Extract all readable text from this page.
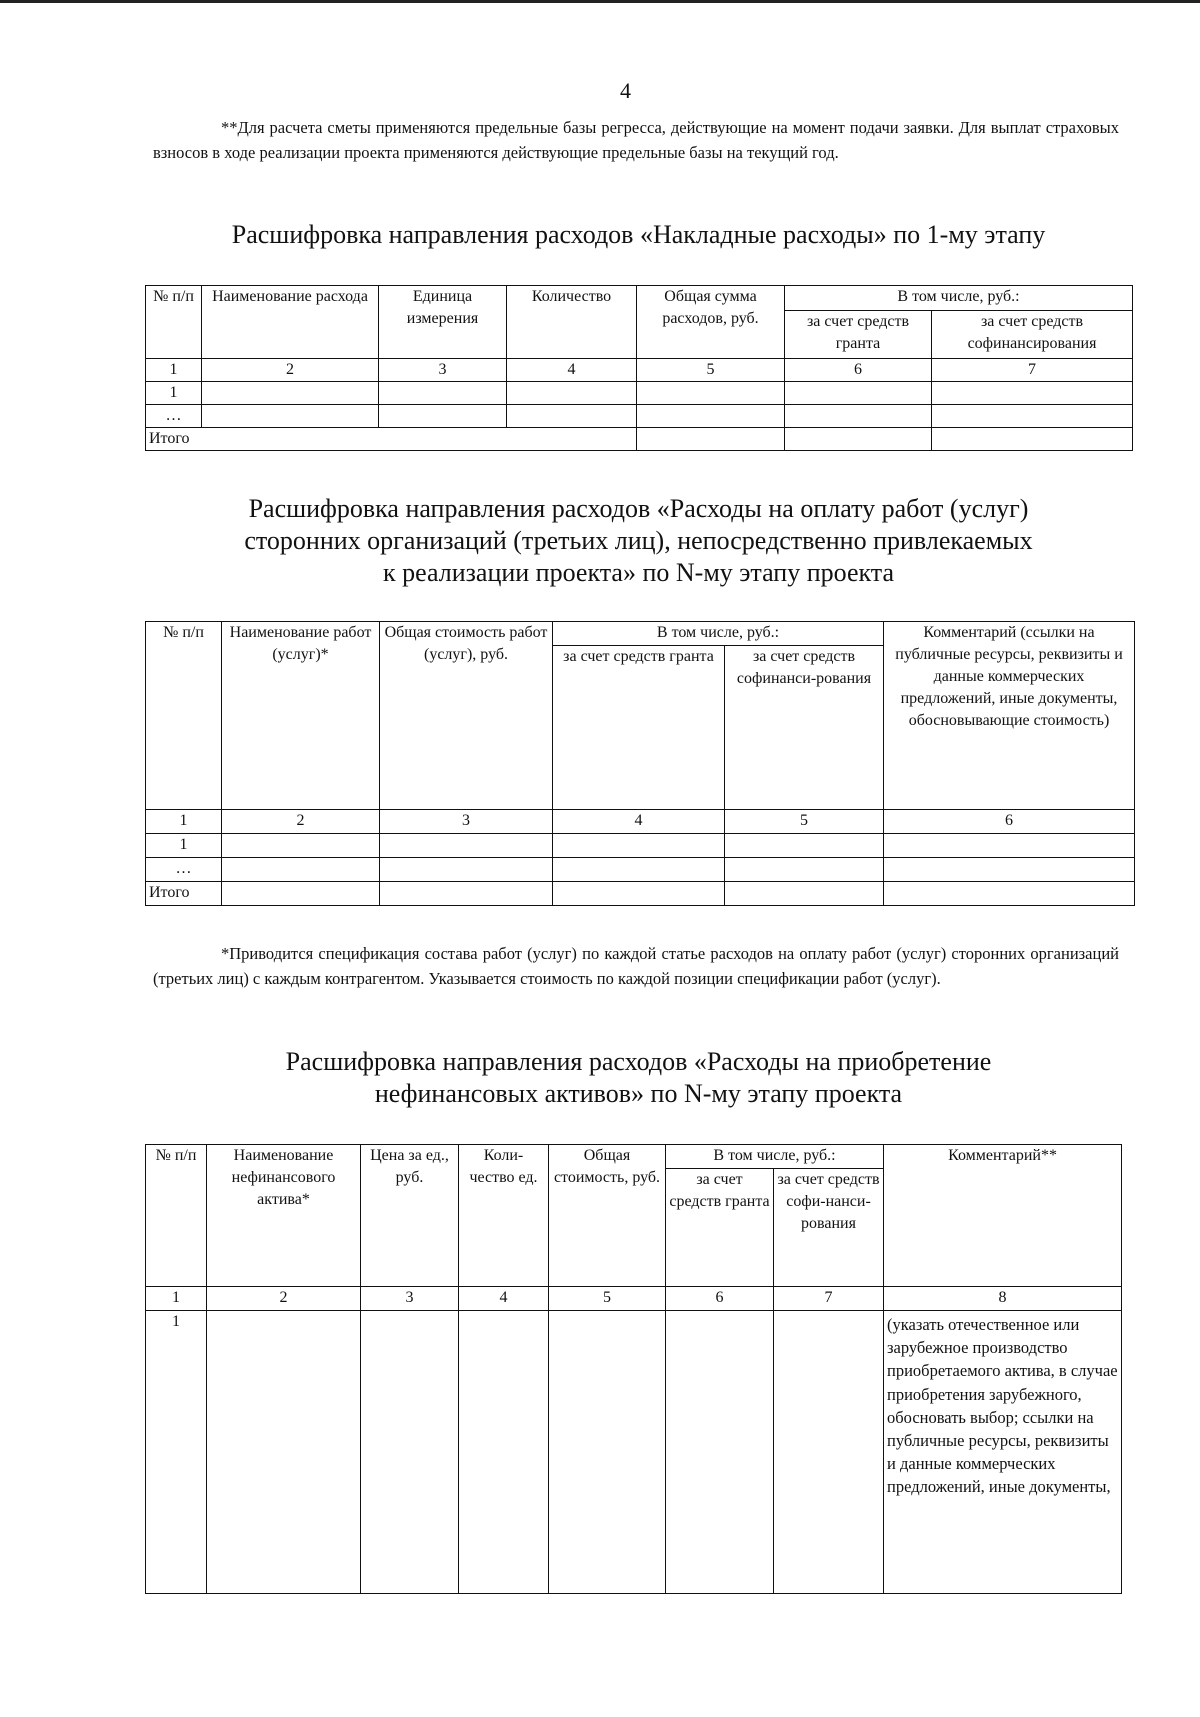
4
**Для расчета сметы применяются предельные базы регресса, действующие на момент подачи заявки. Для выплат страховых взносов в ходе реализации проекта применяются действующие предельные базы на текущий год.
Расшифровка направления расходов «Накладные расходы» по 1-му этапу
№ п/п	Наименование расхода	Единица измерения	Количество	Общая сумма расходов, руб.	В том числе, руб.:	
					за счет средств гранта	за счет средств софинансирования
1	2	3	4	5	6	7
1						
…						
Итого						
Расшифровка направления расходов «Расходы на оплату работ (услуг)
сторонних организаций (третьих лиц), непосредственно привлекаемых
к реализации проекта» по N-му этапу проекта
№ п/п	Наименование работ (услуг)*	Общая стоимость работ (услуг), руб.	В том числе, руб.:		Комментарий (ссылки на публичные ресурсы, реквизиты и данные коммерческих предложений, иные документы, обосновывающие стоимость)
			за счет средств гранта	за счет средств софинанси-рования	
1	2	3	4	5	6
1					
…					
Итого					
*Приводится спецификация состава работ (услуг) по каждой статье расходов на оплату работ (услуг) сторонних организаций (третьих лиц) с каждым контрагентом. Указывается стоимость по каждой позиции спецификации работ (услуг).
Расшифровка направления расходов «Расходы на приобретение
нефинансовых активов» по N-му этапу проекта
№ п/п	Наименование нефинансового актива*	Цена за ед., руб.	Коли-чество ед.	Общая стоимость, руб.	В том числе, руб.:		Комментарий**
					за счет средств гранта	за счет средств софи-нанси-рования	
1	2	3	4	5	6	7	8
1							(указать отечественное или зарубежное производство приобретаемого актива, в случае приобретения зарубежного, обосновать выбор; ссылки на публичные ресурсы, реквизиты и данные коммерческих предложений, иные документы,
